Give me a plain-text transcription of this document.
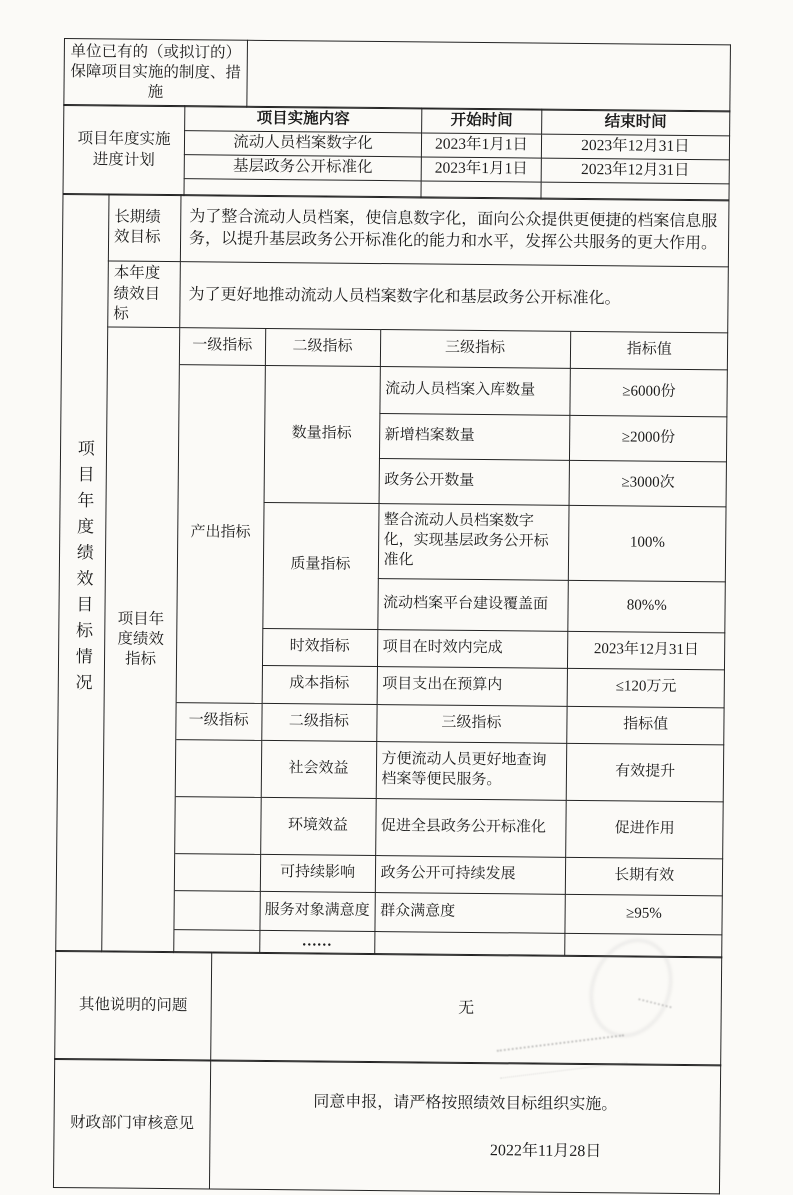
单位已有的（或拟订的）保障项目实施的制度、措施	
项目年度实施进度计划	项目实施内容	开始时间	结束时间
	流动人员档案数字化	2023年1月1日	2023年12月31日
	基层政务公开标准化	2023年1月1日	2023年12月31日

项目年度绩效目标情况	长期绩效目标	为了整合流动人员档案，使信息数字化，面向公众提供更便捷的档案信息服务，以提升基层政务公开标准化的能力和水平，发挥公共服务的更大作用。
本年度绩效目标	为了更好地推动流动人员档案数字化和基层政务公开标准化。
项目年度绩效指标	
一级指标	二级指标	三级指标	指标值
产出指标	数量指标	流动人员档案入库数量	≥6000份
新增档案数量	≥2000份
政务公开数量	≥3000次
质量指标	整合流动人员档案数字化，实现基层政务公开标准化	100%
流动档案平台建设覆盖面	80%%
时效指标	项目在时效内完成	2023年12月31日
成本指标	项目支出在预算内	≤120万元
一级指标	二级指标	三级指标	指标值
	社会效益	方便流动人员更好地查询档案等便民服务。	有效提升
	环境效益	促进全县政务公开标准化	促进作用
	可持续影响	政务公开可持续发展	长期有效
	服务对象满意度	群众满意度	≥95%
	……		
其他说明的问题	无
财政部门审核意见	
同意申报，请严格按照绩效目标组织实施。
2022年11月28日
